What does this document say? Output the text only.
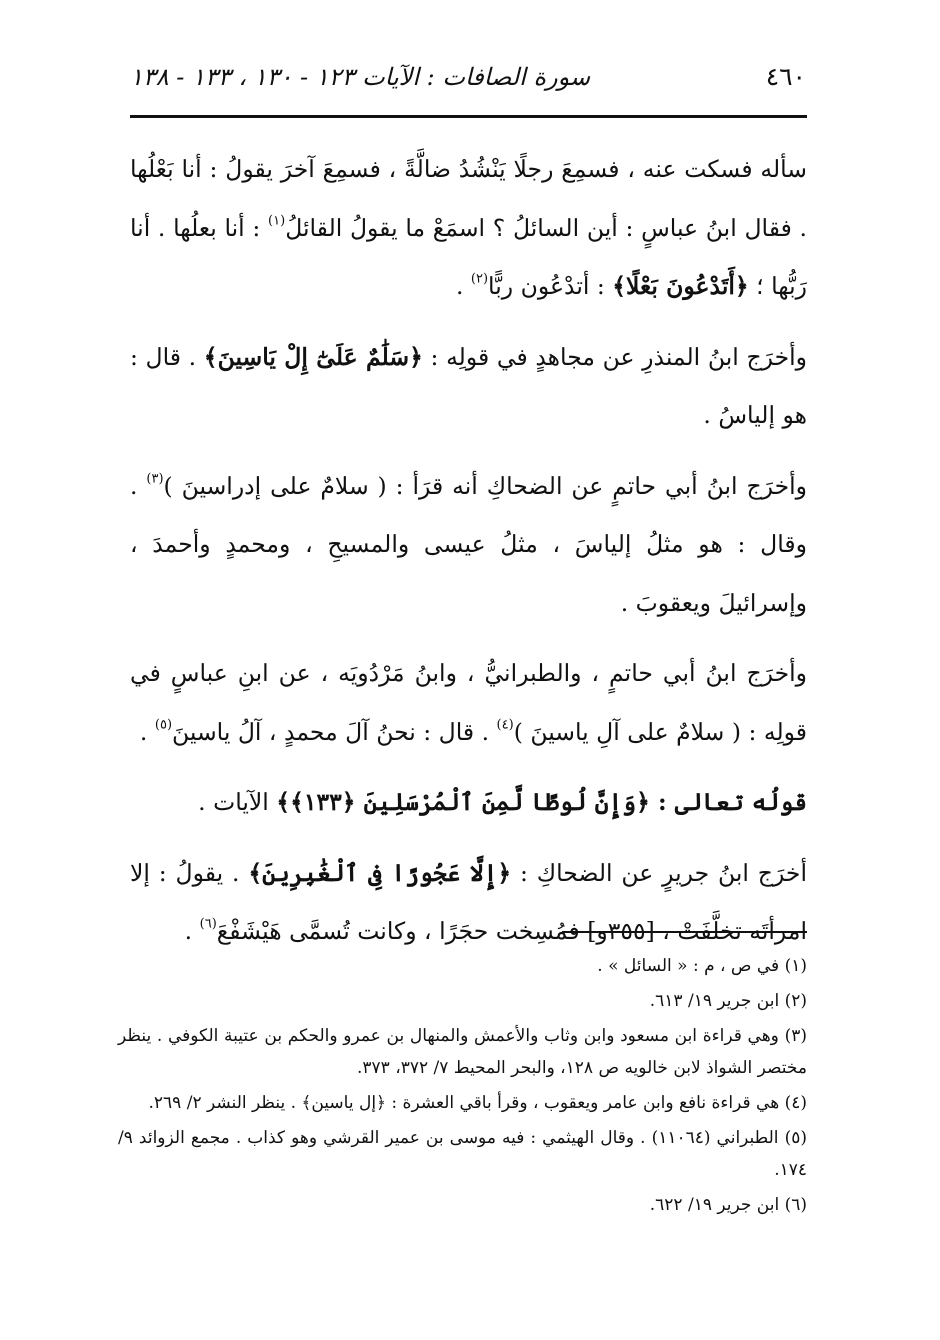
٤٦٠
سورة الصافات : الآيات ١٢٣ - ١٣٠ ، ١٣٣ - ١٣٨

سأله فسكت عنه ، فسمِعَ رجلًا يَنْشُدُ ضالَّةً ، فسمِعَ آخرَ يقولُ : أنا بَعْلُها . فقال ابنُ عباسٍ : أين السائلُ ؟ اسمَعْ ما يقولُ القائلُ$^{(١)}$ : أنا بعلُها . أنا رَبُّها ؛ ﴿أَتَدْعُونَ بَعْلًا﴾ : أتدْعُون ربًّا$^{(٢)}$ .

وأخرَج ابنُ المنذرِ عن مجاهدٍ في قولِه : ﴿سَلَٰمٌ عَلَىٰٓ إِلْ يَاسِينَ﴾ . قال : هو إلياسُ .

وأخرَج ابنُ أبي حاتمٍ عن الضحاكِ أنه قرَأ : ( سلامٌ على إدراسينَ )$^{(٣)}$ . وقال : هو مثلُ إلياسَ ، مثلُ عيسى والمسيحِ ، ومحمدٍ وأحمدَ ، وإسرائيلَ ويعقوبَ .

وأخرَج ابنُ أبي حاتمٍ ، والطبرانيُّ ، وابنُ مَرْدُويَه ، عن ابنِ عباسٍ في قولِه : ( سلامٌ على آلِ ياسينَ )$^{(٤)}$ . قال : نحنُ آلَ محمدٍ ، آلُ ياسينَ$^{(٥)}$ .

قولُه تعالى : ﴿وَإِنَّ لُوطًا لَّمِنَ ٱلْمُرْسَلِينَ ﴿١٣٣﴾﴾ الآيات .

أخرَج ابنُ جريرٍ عن الضحاكِ : ﴿إِلَّا عَجُوزًا فِى ٱلْغَٰبِرِينَ﴾ . يقولُ : إلا امرأتَه تخلَّفَتْ ، [٣٥٥و] فمُسِخت حجَرًا ، وكانت تُسمَّى هَيْشَفْعَ$^{(٦)}$ .

(١) في ص ، م : « السائل » .
(٢) ابن جرير ١٩/ ٦١٣.
(٣) وهي قراءة ابن مسعود وابن وثاب والأعمش والمنهال بن عمرو والحكم بن عتيبة الكوفي . ينظر مختصر الشواذ لابن خالويه ص ١٢٨، والبحر المحيط ٧/ ٣٧٢، ٣٧٣.
(٤) هي قراءة نافع وابن عامر ويعقوب ، وقرأ باقي العشرة : ﴿إل ياسين﴾ . ينظر النشر ٢/ ٢٦٩.
(٥) الطبراني (١١٠٦٤) . وقال الهيثمي : فيه موسى بن عمير القرشي وهو كذاب . مجمع الزوائد ٩/ ١٧٤.
(٦) ابن جرير ١٩/ ٦٢٢.
